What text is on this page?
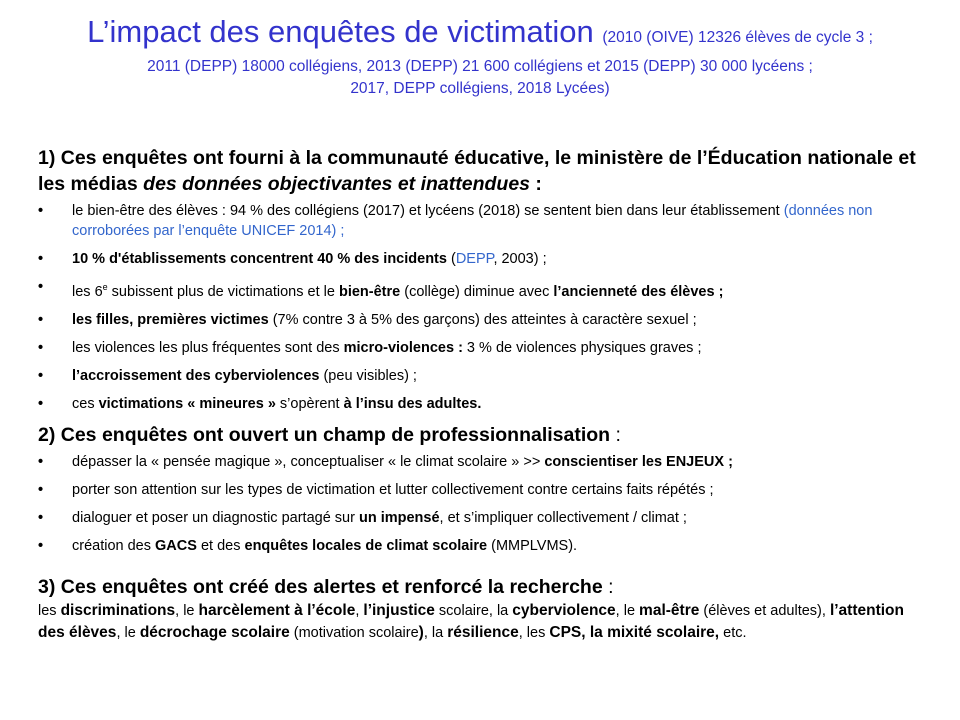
L’impact des enquêtes de victimation (2010 (OIVE) 12326 élèves de cycle 3 ;
2011 (DEPP) 18000 collégiens, 2013 (DEPP) 21 600 collégiens et 2015 (DEPP) 30 000 lycéens ;
2017, DEPP collégiens, 2018 Lycées)
1) Ces enquêtes ont fourni à la communauté éducative, le ministère de l’Éducation nationale et les médias des données objectivantes et inattendues :
• le bien-être des élèves : 94 % des collégiens (2017) et lycéens (2018) se sentent bien dans leur établissement (données non corroborées par l’enquête UNICEF 2014) ;
• 10 % d'établissements concentrent 40 % des incidents (DEPP, 2003) ;
• les 6e subissent plus de victimations et le bien-être (collège) diminue avec l’ancienneté des élèves ;
• les filles, premières victimes (7% contre 3 à 5% des garçons) des atteintes à caractère sexuel ;
• les violences les plus fréquentes sont des micro-violences : 3 % de violences physiques graves ;
• l’accroissement des cyberviolences (peu visibles) ;
• ces victimations « mineures » s’opèrent à l’insu des adultes.
2) Ces enquêtes ont ouvert un champ de professionnalisation :
• dépasser la « pensée magique », conceptualiser « le climat scolaire » >> conscientiser les ENJEUX ;
• porter son attention sur les types de victimation et lutter collectivement contre certains faits répétés ;
• dialoguer et poser un diagnostic partagé sur un impensé, et s’impliquer collectivement / climat ;
• création des GACS et des enquêtes locales de climat scolaire (MMPLVMS).
3) Ces enquêtes ont créé des alertes et renforcé la recherche :
les discriminations, le harcèlement à l’école, l’injustice scolaire, la cyberviolence, le mal-être (élèves et adultes), l’attention des élèves, le décrochage scolaire (motivation scolaire), la résilience, les CPS, la mixité scolaire, etc.
